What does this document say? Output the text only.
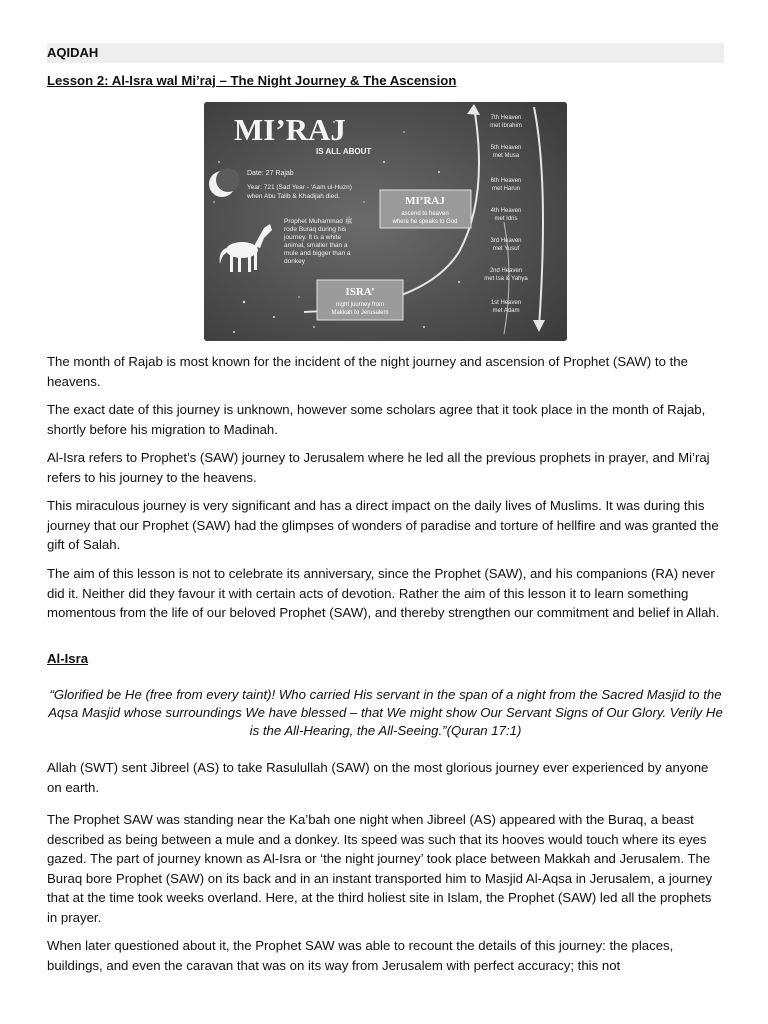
AQIDAH
Lesson 2: Al-Isra wal Mi’raj – The Night Journey & The Ascension
MI’RAJ
IS ALL ABOUT
Date: 27 Rajab
Year: 721 (Sad Year - ‘Aam ul-Huzn)
when Abu Talib & Khadijah died.
Prophet Muhammad ﷺ
rode Buraq during his
journey. It is a white
animal, smaller than a
mule and bigger than a
donkey
MI’RAJ
ascend to heaven
where he speaks to God
ISRA’
night journey from
Makkah to Jerusalem
7th Heaven
met Ibrahim
5th Heaven
met Musa
6th Heaven
met Harun
4th Heaven
met Idris
3rd Heaven
met Yusuf
2nd Heaven
met Isa & Yahya
1st Heaven
met Adam

The month of Rajab is most known for the incident of the night journey and ascension of Prophet (SAW) to the heavens.

The exact date of this journey is unknown, however some scholars agree that it took place in the month of Rajab, shortly before his migration to Madinah.

Al-Isra refers to Prophet’s (SAW) journey to Jerusalem where he led all the previous prophets in prayer, and Mi’raj refers to his journey to the heavens.

This miraculous journey is very significant and has a direct impact on the daily lives of Muslims. It was during this journey that our Prophet (SAW) had the glimpses of wonders of paradise and torture of hellfire and was granted the gift of Salah.

The aim of this lesson is not to celebrate its anniversary, since the Prophet (SAW), and his companions (RA) never did it. Neither did they favour it with certain acts of devotion. Rather the aim of this lesson it to learn something momentous from the life of our beloved Prophet (SAW), and thereby strengthen our commitment and belief in Allah.

Al-Isra

“Glorified be He (free from every taint)! Who carried His servant in the span of a night from the Sacred Masjid to the Aqsa Masjid whose surroundings We have blessed – that We might show Our Servant Signs of Our Glory. Verily He is the All-Hearing, the All-Seeing.”(Quran 17:1)

Allah (SWT) sent Jibreel (AS) to take Rasulullah (SAW) on the most glorious journey ever experienced by anyone on earth.

The Prophet SAW was standing near the Ka’bah one night when Jibreel (AS) appeared with the Buraq, a beast described as being between a mule and a donkey. Its speed was such that its hooves would touch where its eyes gazed. The part of journey known as Al-Isra or ‘the night journey’ took place between Makkah and Jerusalem. The Buraq bore Prophet (SAW) on its back and in an instant transported him to Masjid Al-Aqsa in Jerusalem, a journey that at the time took weeks overland. Here, at the third holiest site in Islam, the Prophet (SAW) led all the prophets in prayer.

When later questioned about it, the Prophet SAW was able to recount the details of this journey: the places, buildings, and even the caravan that was on its way from Jerusalem with perfect accuracy; this not
